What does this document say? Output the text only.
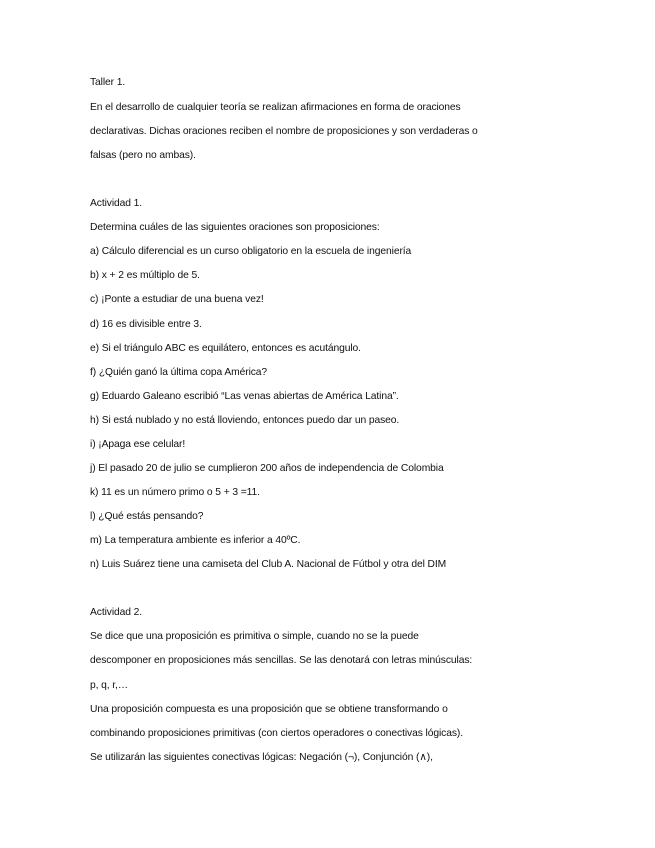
Taller 1.
En el desarrollo de cualquier teoría se realizan afirmaciones en forma de oraciones
declarativas. Dichas oraciones reciben el nombre de proposiciones y son verdaderas o
falsas (pero no ambas).
Actividad 1.
Determina cuáles de las siguientes oraciones son proposiciones:
a) Cálculo diferencial es un curso obligatorio en la escuela de ingeniería
b) x + 2 es múltiplo de 5.
c) ¡Ponte a estudiar de una buena vez!
d) 16 es divisible entre 3.
e) Si el triángulo ABC es equilátero, entonces es acutángulo.
f) ¿Quién ganó la última copa América?
g) Eduardo Galeano escribió “Las venas abiertas de América Latina”.
h) Si está nublado y no está lloviendo, entonces puedo dar un paseo.
i) ¡Apaga ese celular!
j) El pasado 20 de julio se cumplieron 200 años de independencia de Colombia
k) 11 es un número primo o 5 + 3 =11.
l) ¿Qué estás pensando?
m) La temperatura ambiente es inferior a 40ºC.
n) Luis Suárez tiene una camiseta del Club A. Nacional de Fútbol y otra del DIM
Actividad 2.
Se dice que una proposición es primitiva o simple, cuando no se la puede
descomponer en proposiciones más sencillas. Se las denotará con letras minúsculas:
p, q, r,…
Una proposición compuesta es una proposición que se obtiene transformando o
combinando proposiciones primitivas (con ciertos operadores o conectivas lógicas).
Se utilizarán las siguientes conectivas lógicas: Negación (¬), Conjunción (∧),
